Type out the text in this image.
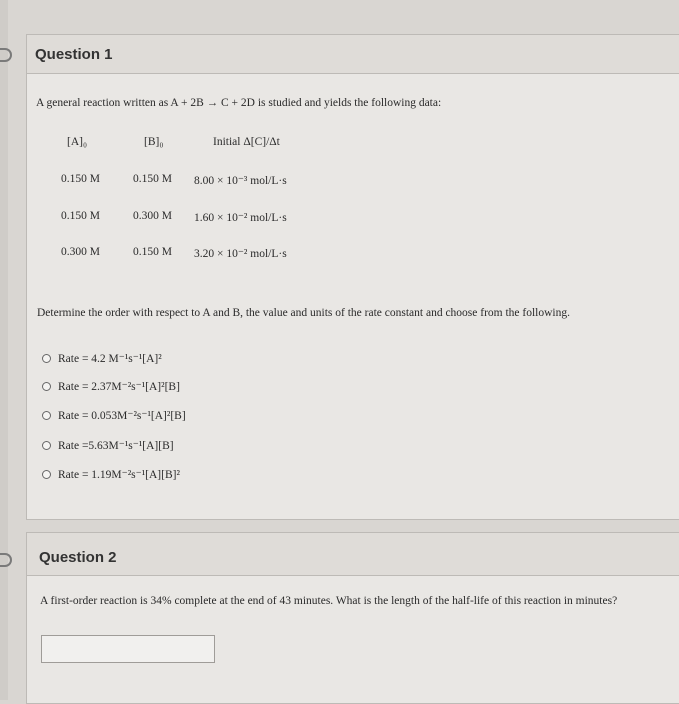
Question 1
A general reaction written as A + 2B → C + 2D is studied and yields the following data:
[A]₀	[B]₀	Initial Δ[C]/Δt
0.150 M	0.150 M 8.00 × 10⁻³ mol/L·s
0.150 M	0.300 M 1.60 × 10⁻² mol/L·s
0.300 M	0.150 M 3.20 × 10⁻² mol/L·s
Determine the order with respect to A and B, the value and units of the rate constant and choose from the following.
Rate = 4.2 M⁻¹s⁻¹[A]²
Rate = 2.37M⁻²s⁻¹[A]²[B]
Rate = 0.053M⁻²s⁻¹[A]²[B]
Rate =5.63M⁻¹s⁻¹[A][B]
Rate = 1.19M⁻²s⁻¹[A][B]²
Question 2
A first-order reaction is 34% complete at the end of 43 minutes. What is the length of the half-life of this reaction in minutes?
